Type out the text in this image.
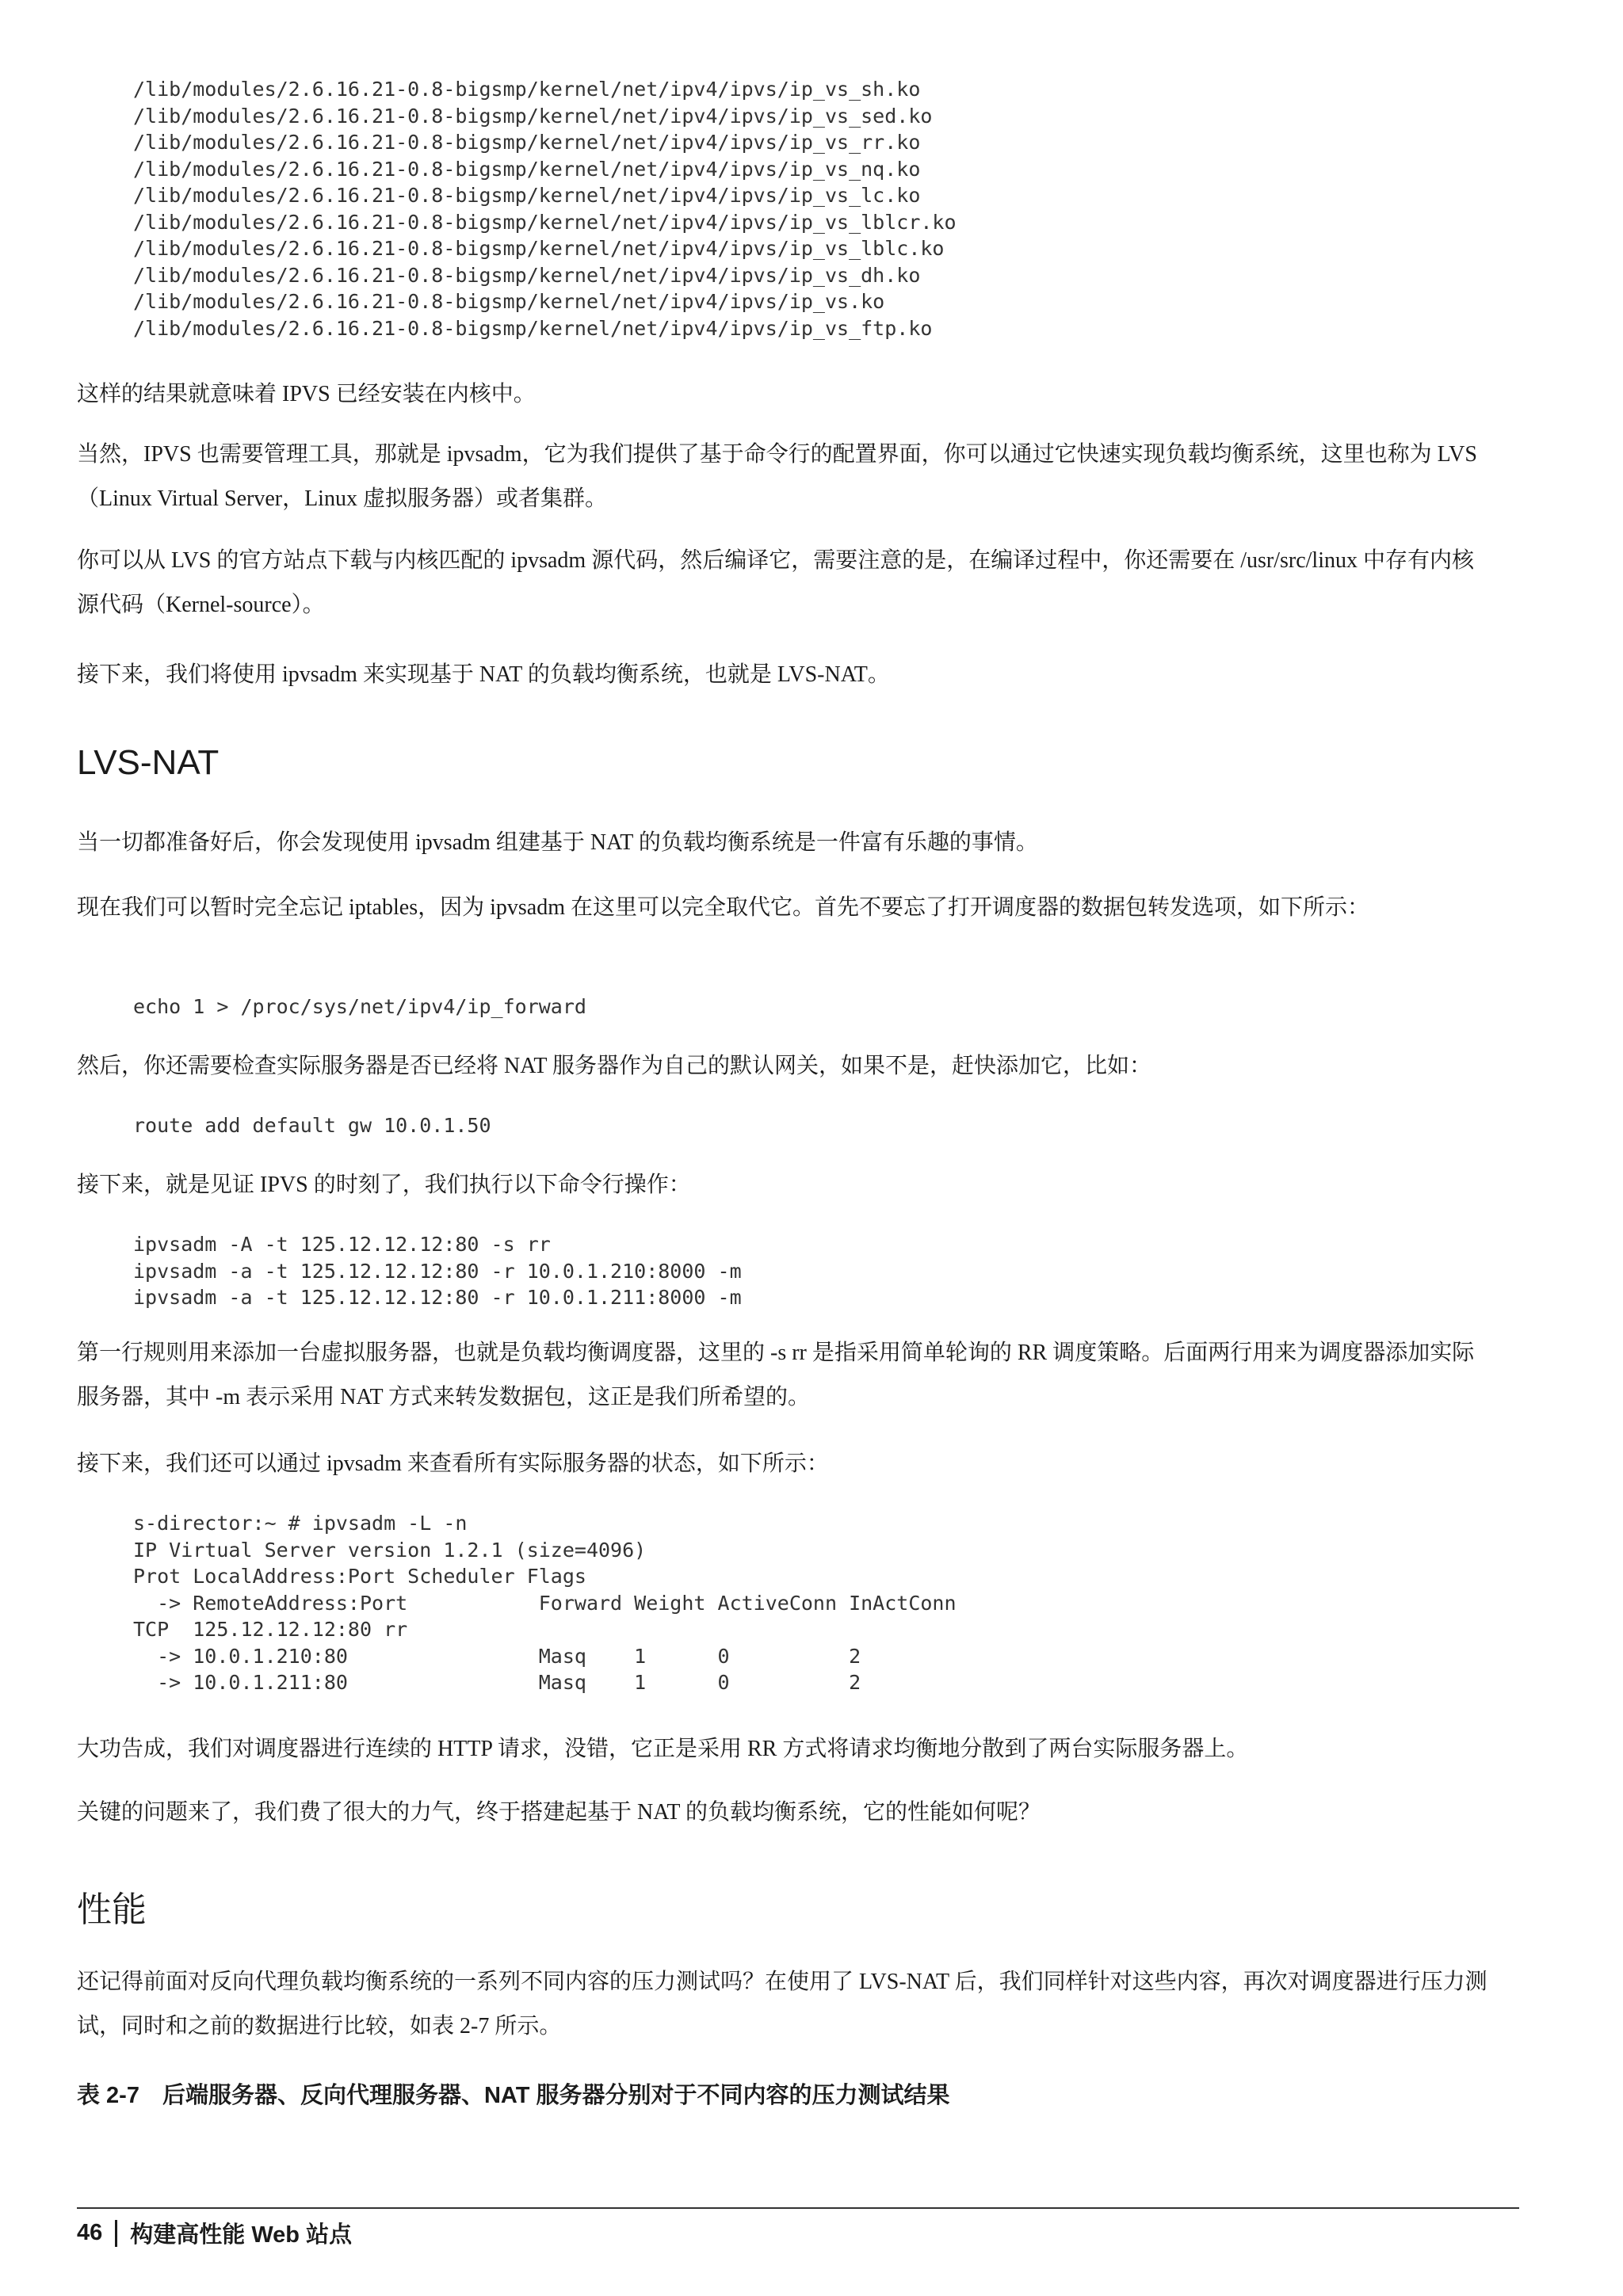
/lib/modules/2.6.16.21-0.8-bigsmp/kernel/net/ipv4/ipvs/ip_vs_sh.ko
/lib/modules/2.6.16.21-0.8-bigsmp/kernel/net/ipv4/ipvs/ip_vs_sed.ko
/lib/modules/2.6.16.21-0.8-bigsmp/kernel/net/ipv4/ipvs/ip_vs_rr.ko
/lib/modules/2.6.16.21-0.8-bigsmp/kernel/net/ipv4/ipvs/ip_vs_nq.ko
/lib/modules/2.6.16.21-0.8-bigsmp/kernel/net/ipv4/ipvs/ip_vs_lc.ko
/lib/modules/2.6.16.21-0.8-bigsmp/kernel/net/ipv4/ipvs/ip_vs_lblcr.ko
/lib/modules/2.6.16.21-0.8-bigsmp/kernel/net/ipv4/ipvs/ip_vs_lblc.ko
/lib/modules/2.6.16.21-0.8-bigsmp/kernel/net/ipv4/ipvs/ip_vs_dh.ko
/lib/modules/2.6.16.21-0.8-bigsmp/kernel/net/ipv4/ipvs/ip_vs.ko
/lib/modules/2.6.16.21-0.8-bigsmp/kernel/net/ipv4/ipvs/ip_vs_ftp.ko

这样的结果就意味着 IPVS 已经安装在内核中。

当然，IPVS 也需要管理工具，那就是 ipvsadm，它为我们提供了基于命令行的配置界面，你可以通过它快速实现负载均衡系统，这里也称为 LVS（Linux Virtual Server，Linux 虚拟服务器）或者集群。

你可以从 LVS 的官方站点下载与内核匹配的 ipvsadm 源代码，然后编译它，需要注意的是，在编译过程中，你还需要在 /usr/src/linux 中存有内核源代码（Kernel-source）。

接下来，我们将使用 ipvsadm 来实现基于 NAT 的负载均衡系统，也就是 LVS-NAT。

LVS-NAT

当一切都准备好后，你会发现使用 ipvsadm 组建基于 NAT 的负载均衡系统是一件富有乐趣的事情。

现在我们可以暂时完全忘记 iptables，因为 ipvsadm 在这里可以完全取代它。首先不要忘了打开调度器的数据包转发选项，如下所示：

echo 1 > /proc/sys/net/ipv4/ip_forward

然后，你还需要检查实际服务器是否已经将 NAT 服务器作为自己的默认网关，如果不是，赶快添加它，比如：

route add default gw 10.0.1.50

接下来，就是见证 IPVS 的时刻了，我们执行以下命令行操作：

ipvsadm -A -t 125.12.12.12:80 -s rr
ipvsadm -a -t 125.12.12.12:80 -r 10.0.1.210:8000 -m
ipvsadm -a -t 125.12.12.12:80 -r 10.0.1.211:8000 -m

第一行规则用来添加一台虚拟服务器，也就是负载均衡调度器，这里的 -s rr 是指采用简单轮询的 RR 调度策略。后面两行用来为调度器添加实际服务器，其中 -m 表示采用 NAT 方式来转发数据包，这正是我们所希望的。

接下来，我们还可以通过 ipvsadm 来查看所有实际服务器的状态，如下所示：

s-director:~ # ipvsadm -L -n
IP Virtual Server version 1.2.1 (size=4096)
Prot LocalAddress:Port Scheduler Flags
-> RemoteAddress:Port           Forward Weight ActiveConn InActConn
TCP  125.12.12.12:80 rr
-> 10.0.1.210:80                Masq    1      0          2
-> 10.0.1.211:80                Masq    1      0          2

大功告成，我们对调度器进行连续的 HTTP 请求，没错，它正是采用 RR 方式将请求均衡地分散到了两台实际服务器上。

关键的问题来了，我们费了很大的力气，终于搭建起基于 NAT 的负载均衡系统，它的性能如何呢？

性能

还记得前面对反向代理负载均衡系统的一系列不同内容的压力测试吗？在使用了 LVS-NAT 后，我们同样针对这些内容，再次对调度器进行压力测试，同时和之前的数据进行比较，如表 2-7 所示。

表 2-7　后端服务器、反向代理服务器、NAT 服务器分别对于不同内容的压力测试结果

46 构建高性能 Web 站点
